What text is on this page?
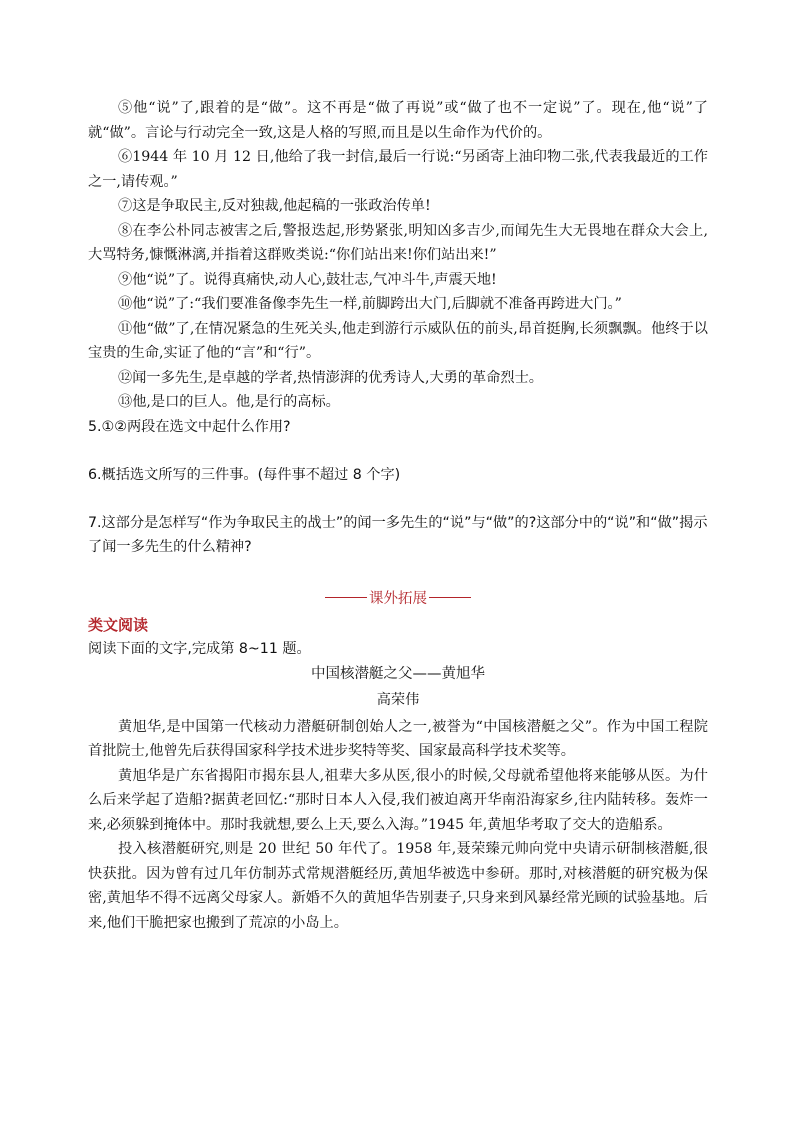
⑤他“说”了,跟着的是“做”。这不再是“做了再说”或“做了也不一定说”了。现在,他“说”了就“做”。言论与行动完全一致,这是人格的写照,而且是以生命作为代价的。

⑥1944 年 10 月 12 日,他给了我一封信,最后一行说:“另函寄上油印物二张,代表我最近的工作之一,请传观。”

⑦这是争取民主,反对独裁,他起稿的一张政治传单!

⑧在李公朴同志被害之后,警报迭起,形势紧张,明知凶多吉少,而闻先生大无畏地在群众大会上,大骂特务,慷慨淋漓,并指着这群败类说:“你们站出来!你们站出来!”

⑨他“说”了。说得真痛快,动人心,鼓壮志,气冲斗牛,声震天地!

⑩他“说”了:“我们要准备像李先生一样,前脚跨出大门,后脚就不准备再跨进大门。”

⑪他“做”了,在情况紧急的生死关头,他走到游行示威队伍的前头,昂首挺胸,长须飘飘。他终于以宝贵的生命,实证了他的“言”和“行”。

⑫闻一多先生,是卓越的学者,热情澎湃的优秀诗人,大勇的革命烈士。

⑬他,是口的巨人。他,是行的高标。

5.①②两段在选文中起什么作用?

6.概括选文所写的三件事。(每件事不超过 8 个字)

7.这部分是怎样写“作为争取民主的战士”的闻一多先生的“说”与“做”的?这部分中的“说”和“做”揭示了闻一多先生的什么精神?

课外拓展

类文阅读

阅读下面的文字,完成第 8~11 题。

中国核潜艇之父——黄旭华

高荣伟

黄旭华,是中国第一代核动力潜艇研制创始人之一,被誉为“中国核潜艇之父”。作为中国工程院首批院士,他曾先后获得国家科学技术进步奖特等奖、国家最高科学技术奖等。

黄旭华是广东省揭阳市揭东县人,祖辈大多从医,很小的时候,父母就希望他将来能够从医。为什么后来学起了造船?据黄老回忆:“那时日本人入侵,我们被迫离开华南沿海家乡,往内陆转移。轰炸一来,必须躲到掩体中。那时我就想,要么上天,要么入海。”1945 年,黄旭华考取了交大的造船系。

投入核潜艇研究,则是 20 世纪 50 年代了。1958 年,聂荣臻元帅向党中央请示研制核潜艇,很快获批。因为曾有过几年仿制苏式常规潜艇经历,黄旭华被选中参研。那时,对核潜艇的研究极为保密,黄旭华不得不远离父母家人。新婚不久的黄旭华告别妻子,只身来到风暴经常光顾的试验基地。后来,他们干脆把家也搬到了荒凉的小岛上。
